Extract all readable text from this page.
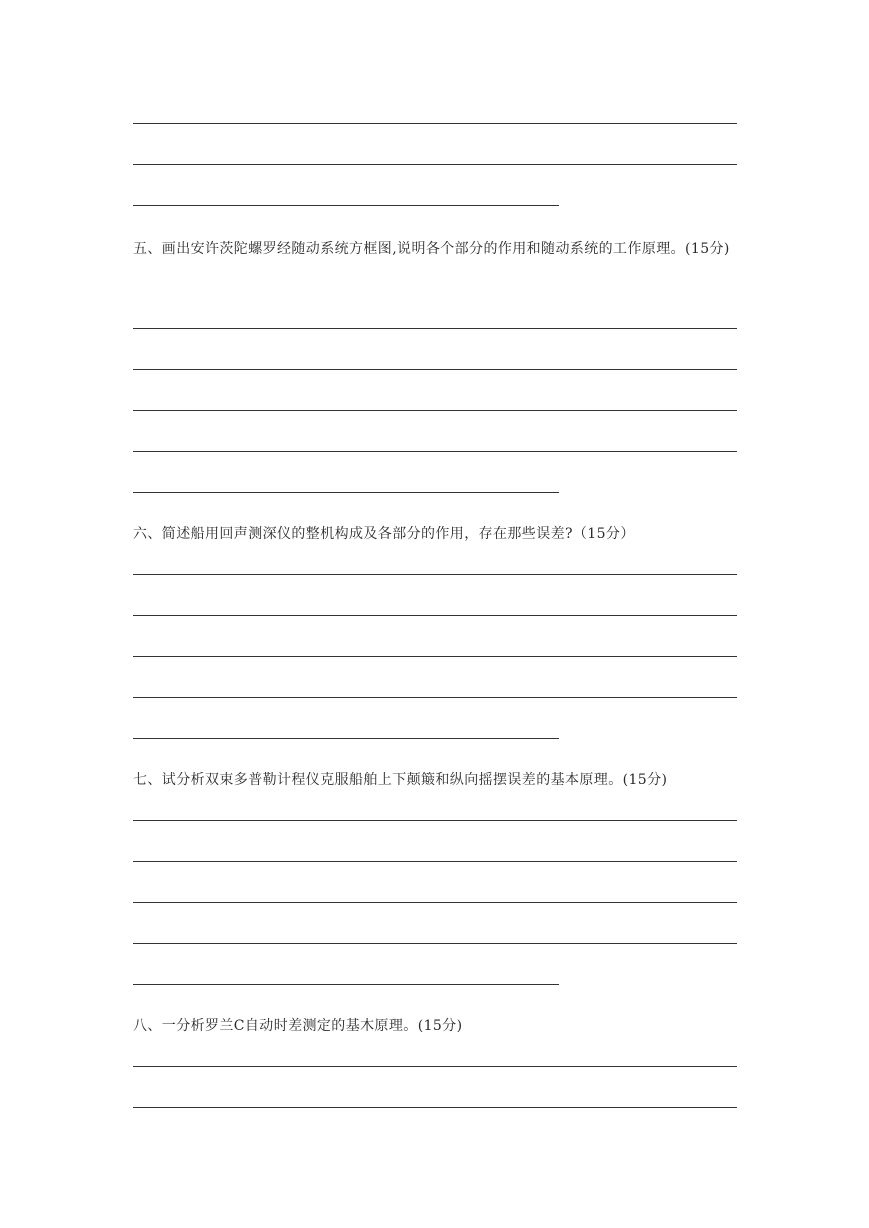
五、画出安许茨陀螺罗经随动系统方框图,说明各个部分的作用和随动系统的工作原理。(15分)
六、简述船用回声测深仪的整机构成及各部分的作用，存在那些误差?（15分）
七、试分析双束多普勒计程仪克服船舶上下颠簸和纵向摇摆误差的基本原理。(15分)
八、一分析罗兰C自动时差测定的基木原理。(15分)
